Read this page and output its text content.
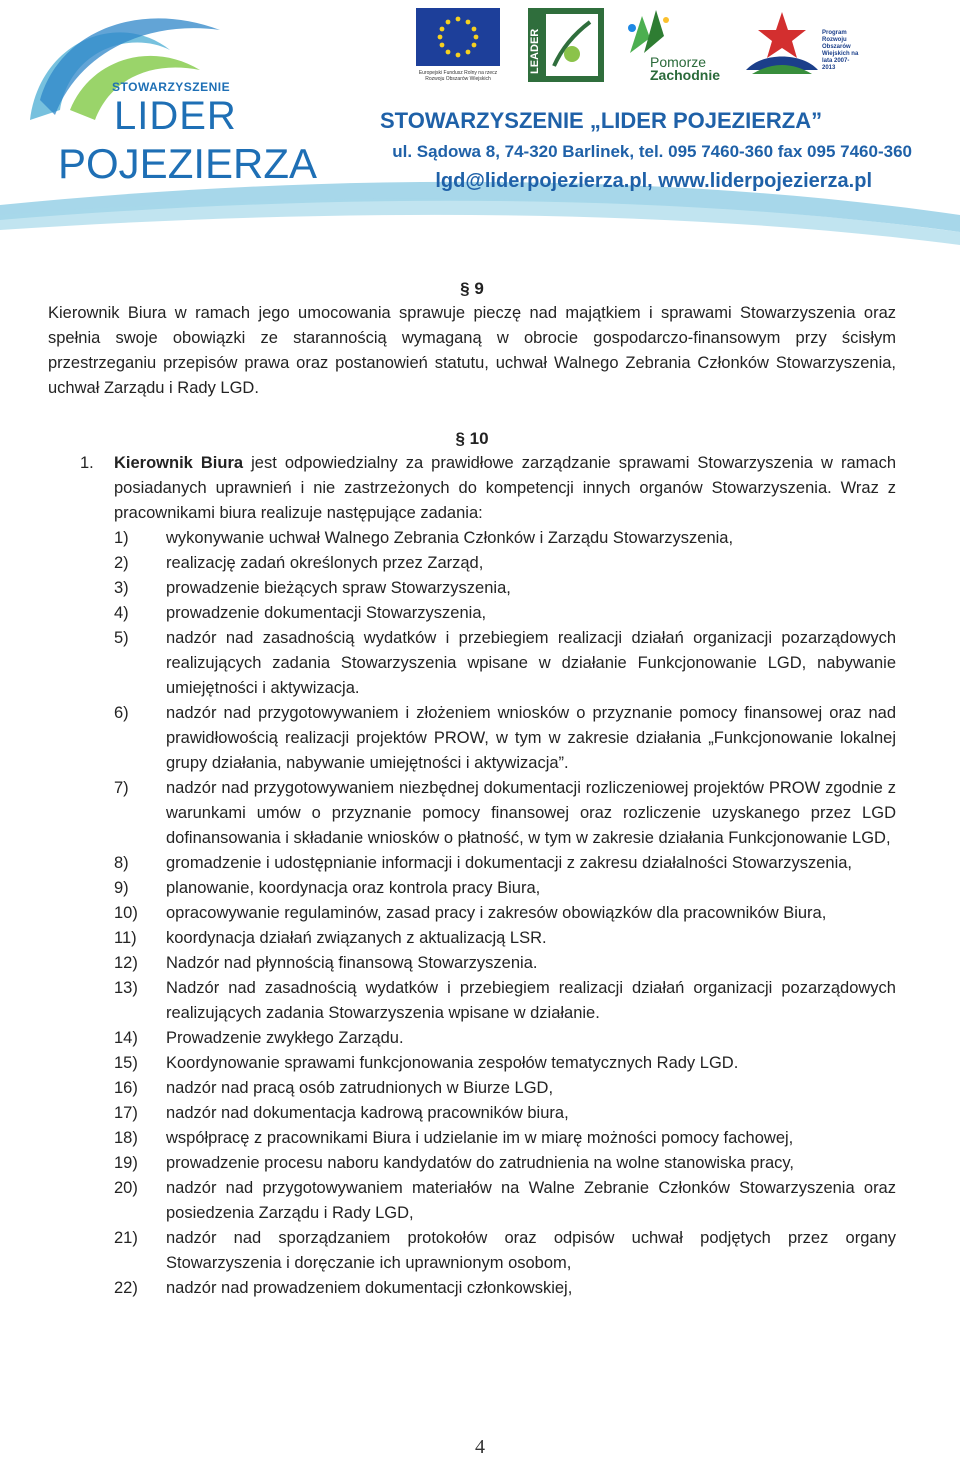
STOWARZYSZENIE
LIDER
POJEZIERZA
Europejski Fundusz Rolny na rzecz Rozwoju Obszarów Wiejskich
LEADER	Pomorze
Zachodnie
Program Rozwoju Obszarów Wiejskich na lata 2007-2013
STOWARZYSZENIE „LIDER POJEZIERZA”
ul. Sądowa 8, 74-320 Barlinek, tel. 095 7460-360 fax 095 7460-360
lgd@liderpojezierza.pl, www.liderpojezierza.pl
§ 9

Kierownik Biura w ramach jego umocowania sprawuje pieczę nad majątkiem i sprawami Stowarzyszenia oraz spełnia swoje obowiązki ze starannością wymaganą w obrocie gospodarczo-finansowym przy ścisłym przestrzeganiu przepisów prawa oraz postanowień statutu, uchwał Walnego Zebrania Członków Stowarzyszenia, uchwał Zarządu i Rady LGD.

§ 10
1. Kierownik Biura jest odpowiedzialny za prawidłowe zarządzanie sprawami Stowarzyszenia w ramach posiadanych uprawnień i nie zastrzeżonych do kompetencji innych organów Stowarzyszenia. Wraz z pracownikami biura realizuje następujące zadania:
1) wykonywanie uchwał Walnego Zebrania Członków i Zarządu Stowarzyszenia,
2) realizację zadań określonych przez Zarząd,
3) prowadzenie bieżących spraw Stowarzyszenia,
4) prowadzenie dokumentacji Stowarzyszenia,
5) nadzór nad zasadnością wydatków i przebiegiem realizacji działań organizacji pozarządowych realizujących zadania Stowarzyszenia wpisane w działanie Funkcjonowanie LGD, nabywanie umiejętności i aktywizacja.
6) nadzór nad przygotowywaniem i złożeniem wniosków o przyznanie pomocy finansowej oraz nad prawidłowością realizacji projektów PROW, w tym w zakresie działania „Funkcjonowanie lokalnej grupy działania, nabywanie umiejętności i aktywizacja”.
7) nadzór nad przygotowywaniem niezbędnej dokumentacji rozliczeniowej projektów PROW zgodnie z warunkami umów o przyznanie pomocy finansowej oraz rozliczenie uzyskanego przez LGD dofinansowania i składanie wniosków o płatność, w tym w zakresie działania Funkcjonowanie LGD,
8) gromadzenie i udostępnianie informacji i dokumentacji z zakresu działalności Stowarzyszenia,
9) planowanie, koordynacja oraz kontrola pracy Biura,
10) opracowywanie regulaminów, zasad pracy i zakresów obowiązków dla pracowników Biura,
11) koordynacja działań związanych z aktualizacją LSR.
12) Nadzór nad płynnością finansową Stowarzyszenia.
13) Nadzór nad zasadnością wydatków i przebiegiem realizacji działań organizacji pozarządowych realizujących zadania Stowarzyszenia wpisane w działanie.
14) Prowadzenie zwykłego Zarządu.
15) Koordynowanie sprawami funkcjonowania zespołów tematycznych Rady LGD.
16) nadzór nad pracą osób zatrudnionych w Biurze LGD,
17) nadzór nad dokumentacja kadrową pracowników biura,
18) współpracę z pracownikami Biura i udzielanie im w miarę możności pomocy fachowej,
19) prowadzenie procesu naboru kandydatów do zatrudnienia na wolne stanowiska pracy,
20) nadzór nad przygotowywaniem materiałów na Walne Zebranie Członków Stowarzyszenia oraz posiedzenia Zarządu i Rady LGD,
21) nadzór nad sporządzaniem protokołów oraz odpisów uchwał podjętych przez organy Stowarzyszenia i doręczanie ich uprawnionym osobom,
22) nadzór nad prowadzeniem dokumentacji członkowskiej,
4
